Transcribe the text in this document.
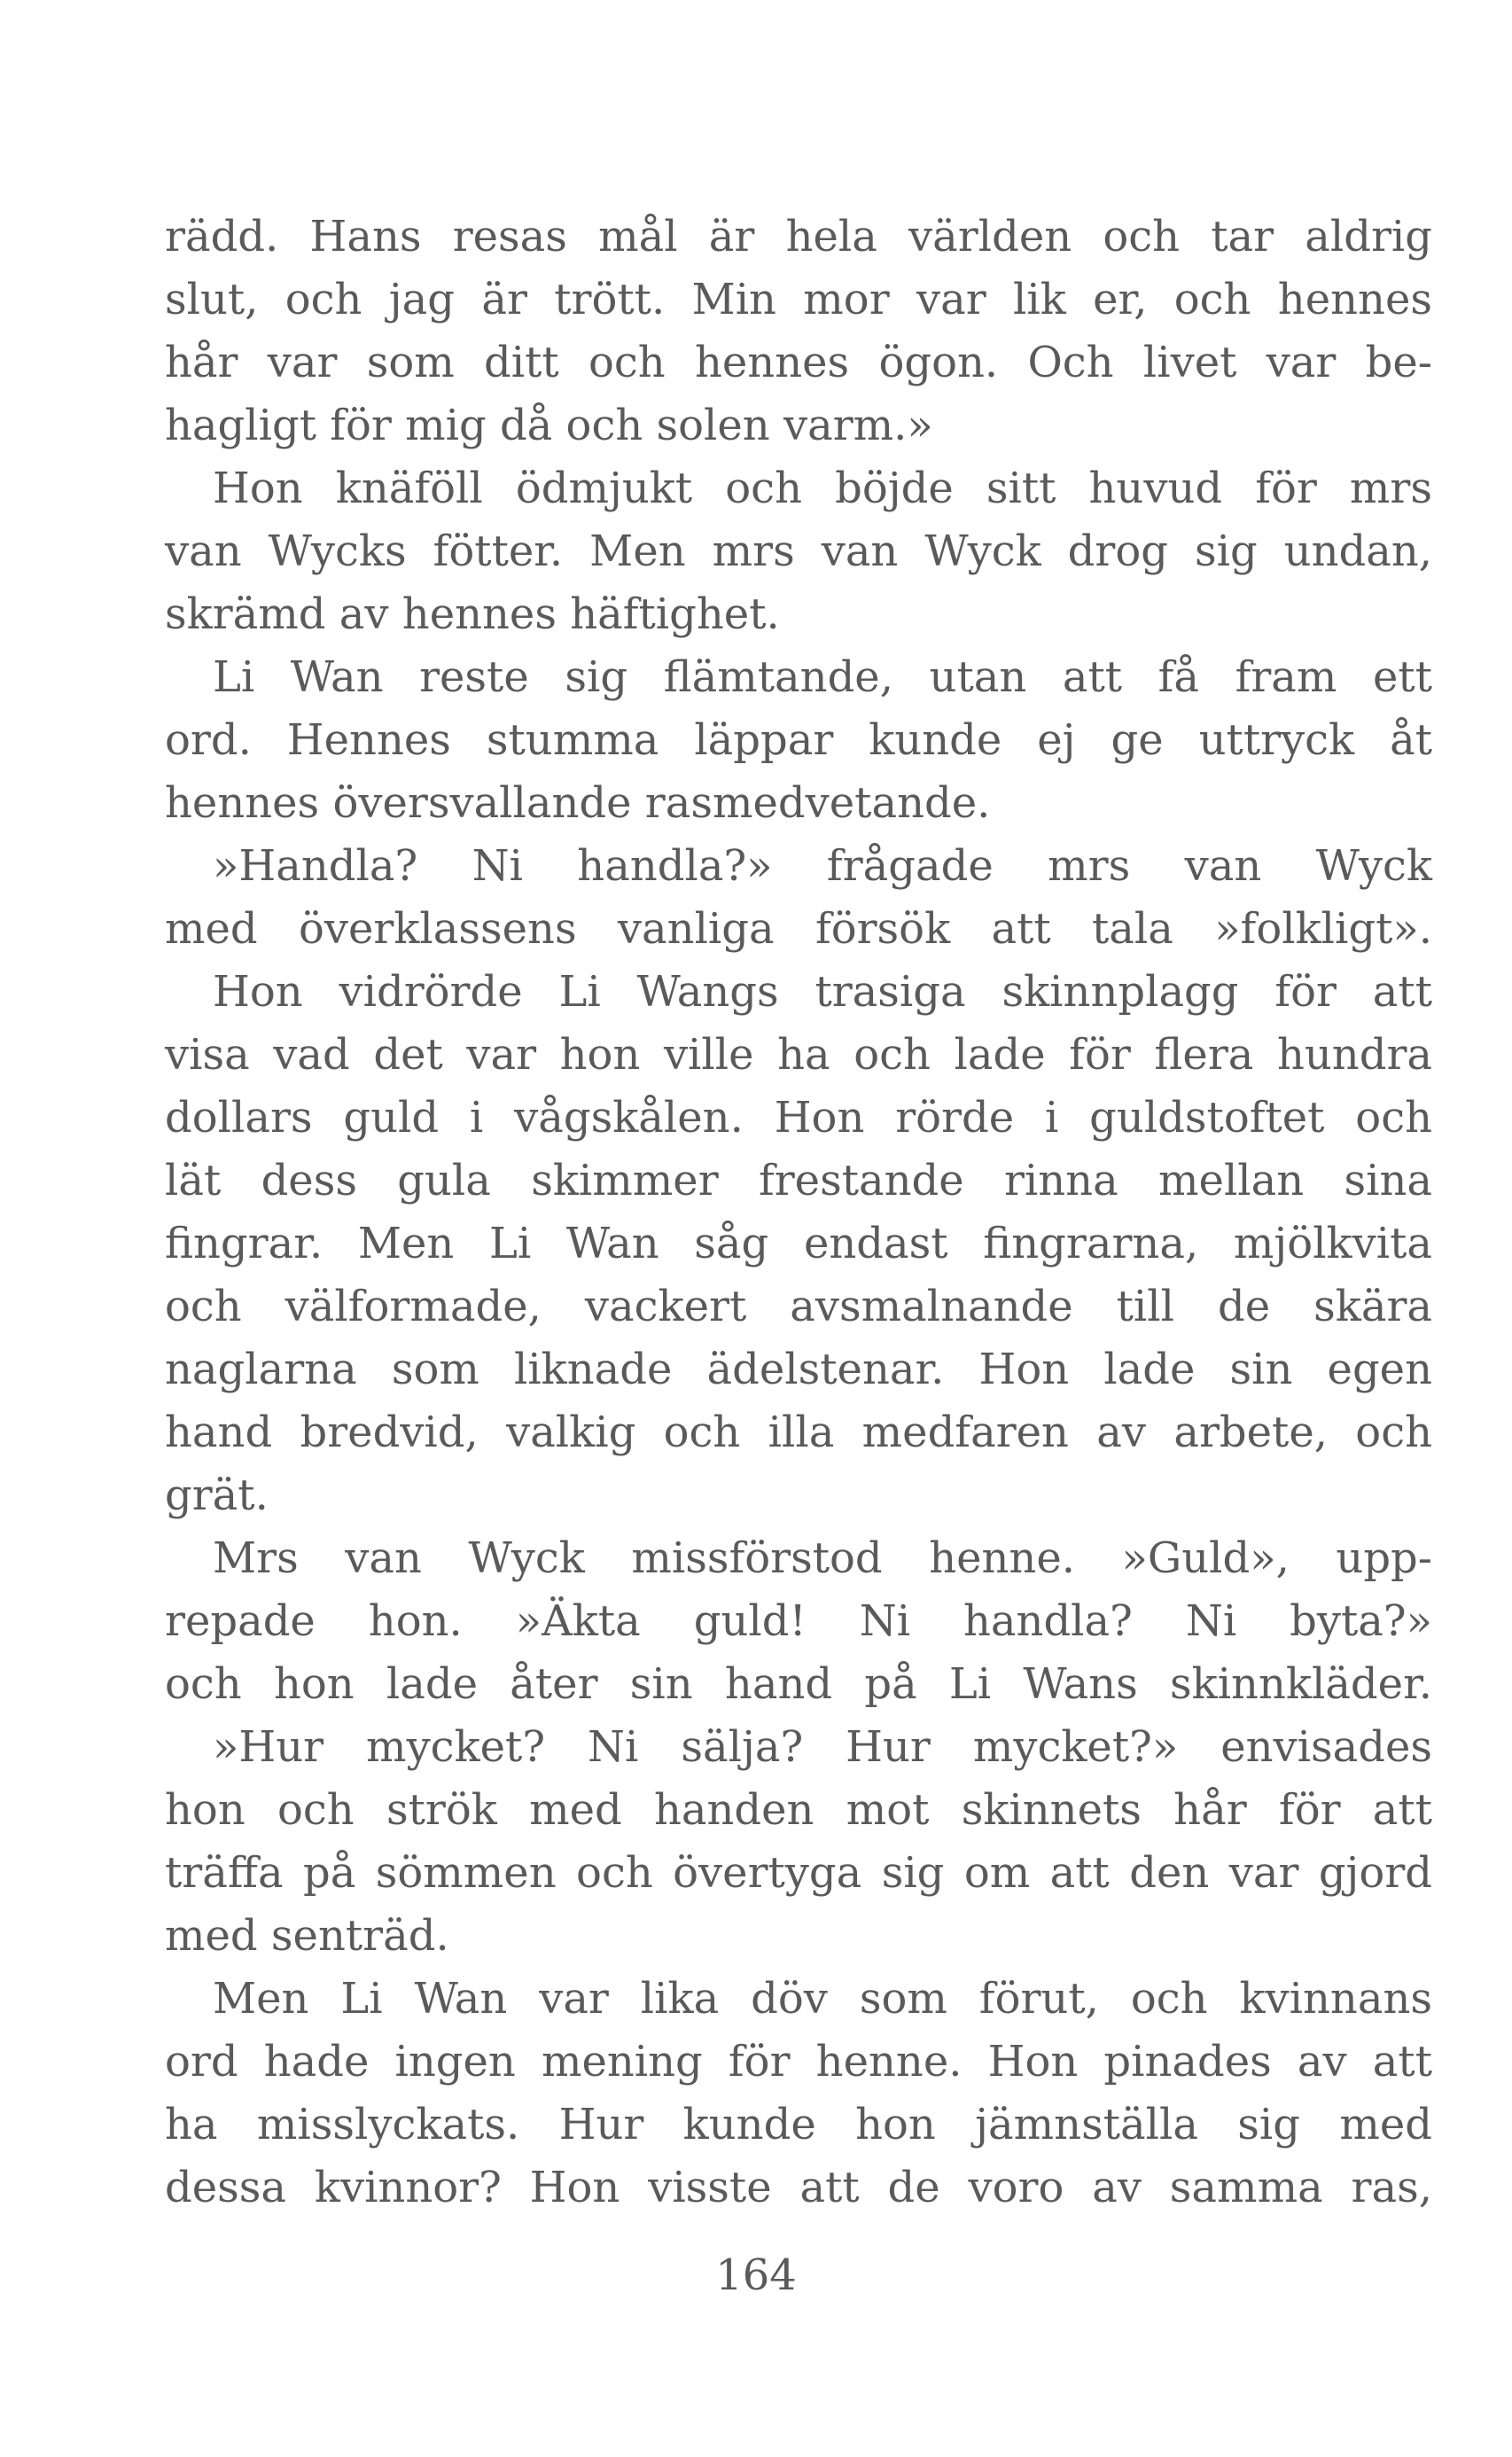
rädd. Hans resas mål är hela världen och tar aldrig
slut, och jag är trött. Min mor var lik er, och hennes
hår var som ditt och hennes ögon. Och livet var be-
hagligt för mig då och solen varm.»
Hon knäföll ödmjukt och böjde sitt huvud för mrs
van Wycks fötter. Men mrs van Wyck drog sig undan,
skrämd av hennes häftighet.
Li Wan reste sig flämtande, utan att få fram ett
ord. Hennes stumma läppar kunde ej ge uttryck åt
hennes översvallande rasmedvetande.
»Handla? Ni handla?» frågade mrs van Wyck
med överklassens vanliga försök att tala »folkligt».
Hon vidrörde Li Wangs trasiga skinnplagg för att
visa vad det var hon ville ha och lade för flera hundra
dollars guld i vågskålen. Hon rörde i guldstoftet och
lät dess gula skimmer frestande rinna mellan sina
fingrar. Men Li Wan såg endast fingrarna, mjölkvita
och välformade, vackert avsmalnande till de skära
naglarna som liknade ädelstenar. Hon lade sin egen
hand bredvid, valkig och illa medfaren av arbete, och
grät.
Mrs van Wyck missförstod henne. »Guld», upp-
repade hon. »Äkta guld! Ni handla? Ni byta?»
och hon lade åter sin hand på Li Wans skinnkläder.
»Hur mycket? Ni sälja? Hur mycket?» envisades
hon och strök med handen mot skinnets hår för att
träffa på sömmen och övertyga sig om att den var gjord
med senträd.
Men Li Wan var lika döv som förut, och kvinnans
ord hade ingen mening för henne. Hon pinades av att
ha misslyckats. Hur kunde hon jämnställa sig med
dessa kvinnor? Hon visste att de voro av samma ras,
164
